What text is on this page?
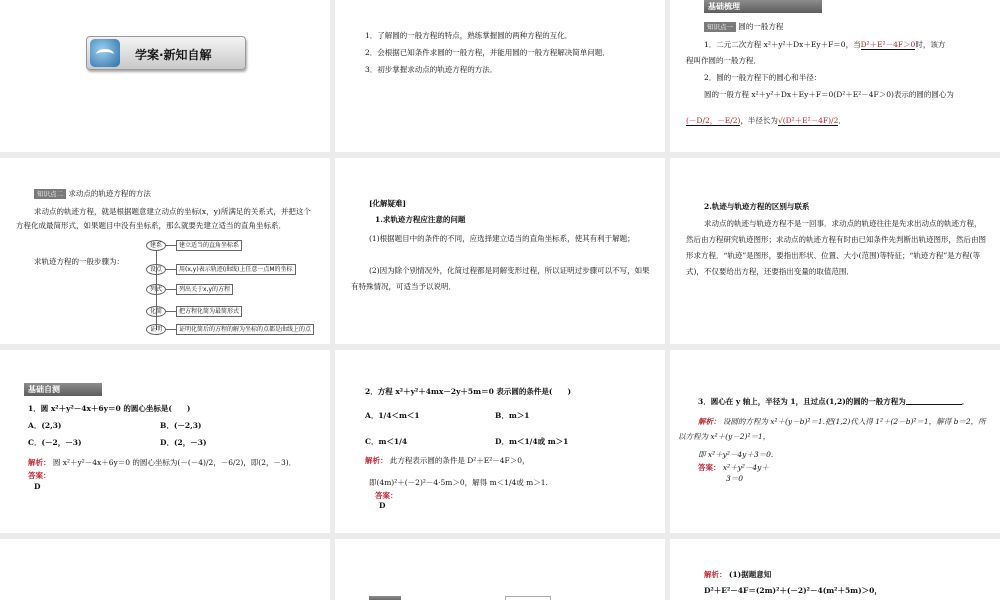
学案·新知自解
1．了解圆的一般方程的特点，熟练掌握圆的两种方程的互化．
2．会根据已知条件求圆的一般方程，并能用圆的一般方程解决简单问题．
3．初步掌握求动点的轨迹方程的方法．
基础梳理
知识点一 圆的一般方程
1．二元二次方程 x²＋y²＋Dx＋Ey＋F＝0，当D²＋E²－4F＞0时，该方
程叫作圆的一般方程．
2．圆的一般方程下的圆心和半径：
圆的一般方程 x²＋y²＋Dx＋Ey＋F＝0(D²＋E²－4F＞0)表示的圆的圆心为
(－D/2，－E/2)，半径长为√(D²＋E²－4F)/2．
知识点二 求动点的轨迹方程的方法
求动点的轨迹方程，就是根据题意建立动点的坐标(x，y)所满足的关系式，并把这个方程化成最简形式，如果题目中没有坐标系，那么就要先建立适当的直角坐标系．
求轨迹方程的一般步骤为：
建系	建立适当的直角坐标系
设点	用(x,y)表示轨迹(曲线)上任意一点M的坐标
列式	列出关于x,y的方程
化简	把方程化简为最简形式
证明	证明化简后的方程的解为坐标的点都是曲线上的点
[化解疑难]
1.求轨迹方程应注意的问题
(1)根据题目中的条件的不同，应选择建立适当的直角坐标系，使其有利于解题；
(2)因为除个别情况外，化简过程都是同解变形过程，所以证明过步骤可以不写，如果有特殊情况，可适当予以说明．
2.轨迹与轨迹方程的区别与联系
求动点的轨迹与轨迹方程不是一回事．求动点的轨迹往往是先求出动点的轨迹方程，然后由方程研究轨迹图形；求动点的轨迹方程有时由已知条件先判断出轨迹图形，然后由图形求方程．“轨迹”是图形，要指出形状、位置、大小(范围)等特征；“轨迹方程”是方程(等式)，不仅要给出方程，还要指出变量的取值范围．
基础自测
1．圆 x²＋y²－4x＋6y＝0 的圆心坐标是(　　)
A．(2,3)	B．(－2,3)
C．(－2，－3)	D．(2，－3)
解析： 圆 x²＋y²－4x＋6y＝0 的圆心坐标为(－(－4)/2，－6/2)，即(2，－3)．
答案：
D
2．方程 x²＋y²＋4mx－2y＋5m＝0 表示圆的条件是(　　)
A．1/4＜m＜1	B．m＞1
C．m＜1/4	D．m＜1/4或 m＞1
解析： 此方程表示圆的条件是 D²＋E²－4F＞0，
即(4m)²＋(－2)²－4·5m＞0，解得 m＜1/4或 m＞1.
答案：
D
3．圆心在 y 轴上，半径为 1，且过点(1,2)的圆的一般方程为	．
解析： 设圆的方程为 x²＋(y－b)²＝1.把(1,2)代入得 1²＋(2－b)²＝1，解得 b＝2，所以方程为 x²＋(y－2)²＝1，
即 x²＋y²－4y＋3＝0.
答案： x²＋y²－4y＋
3＝0
解析： (1)据题意知
D²＋E²－4F＝(2m)²＋(－2)²－4(m²＋5m)＞0，
